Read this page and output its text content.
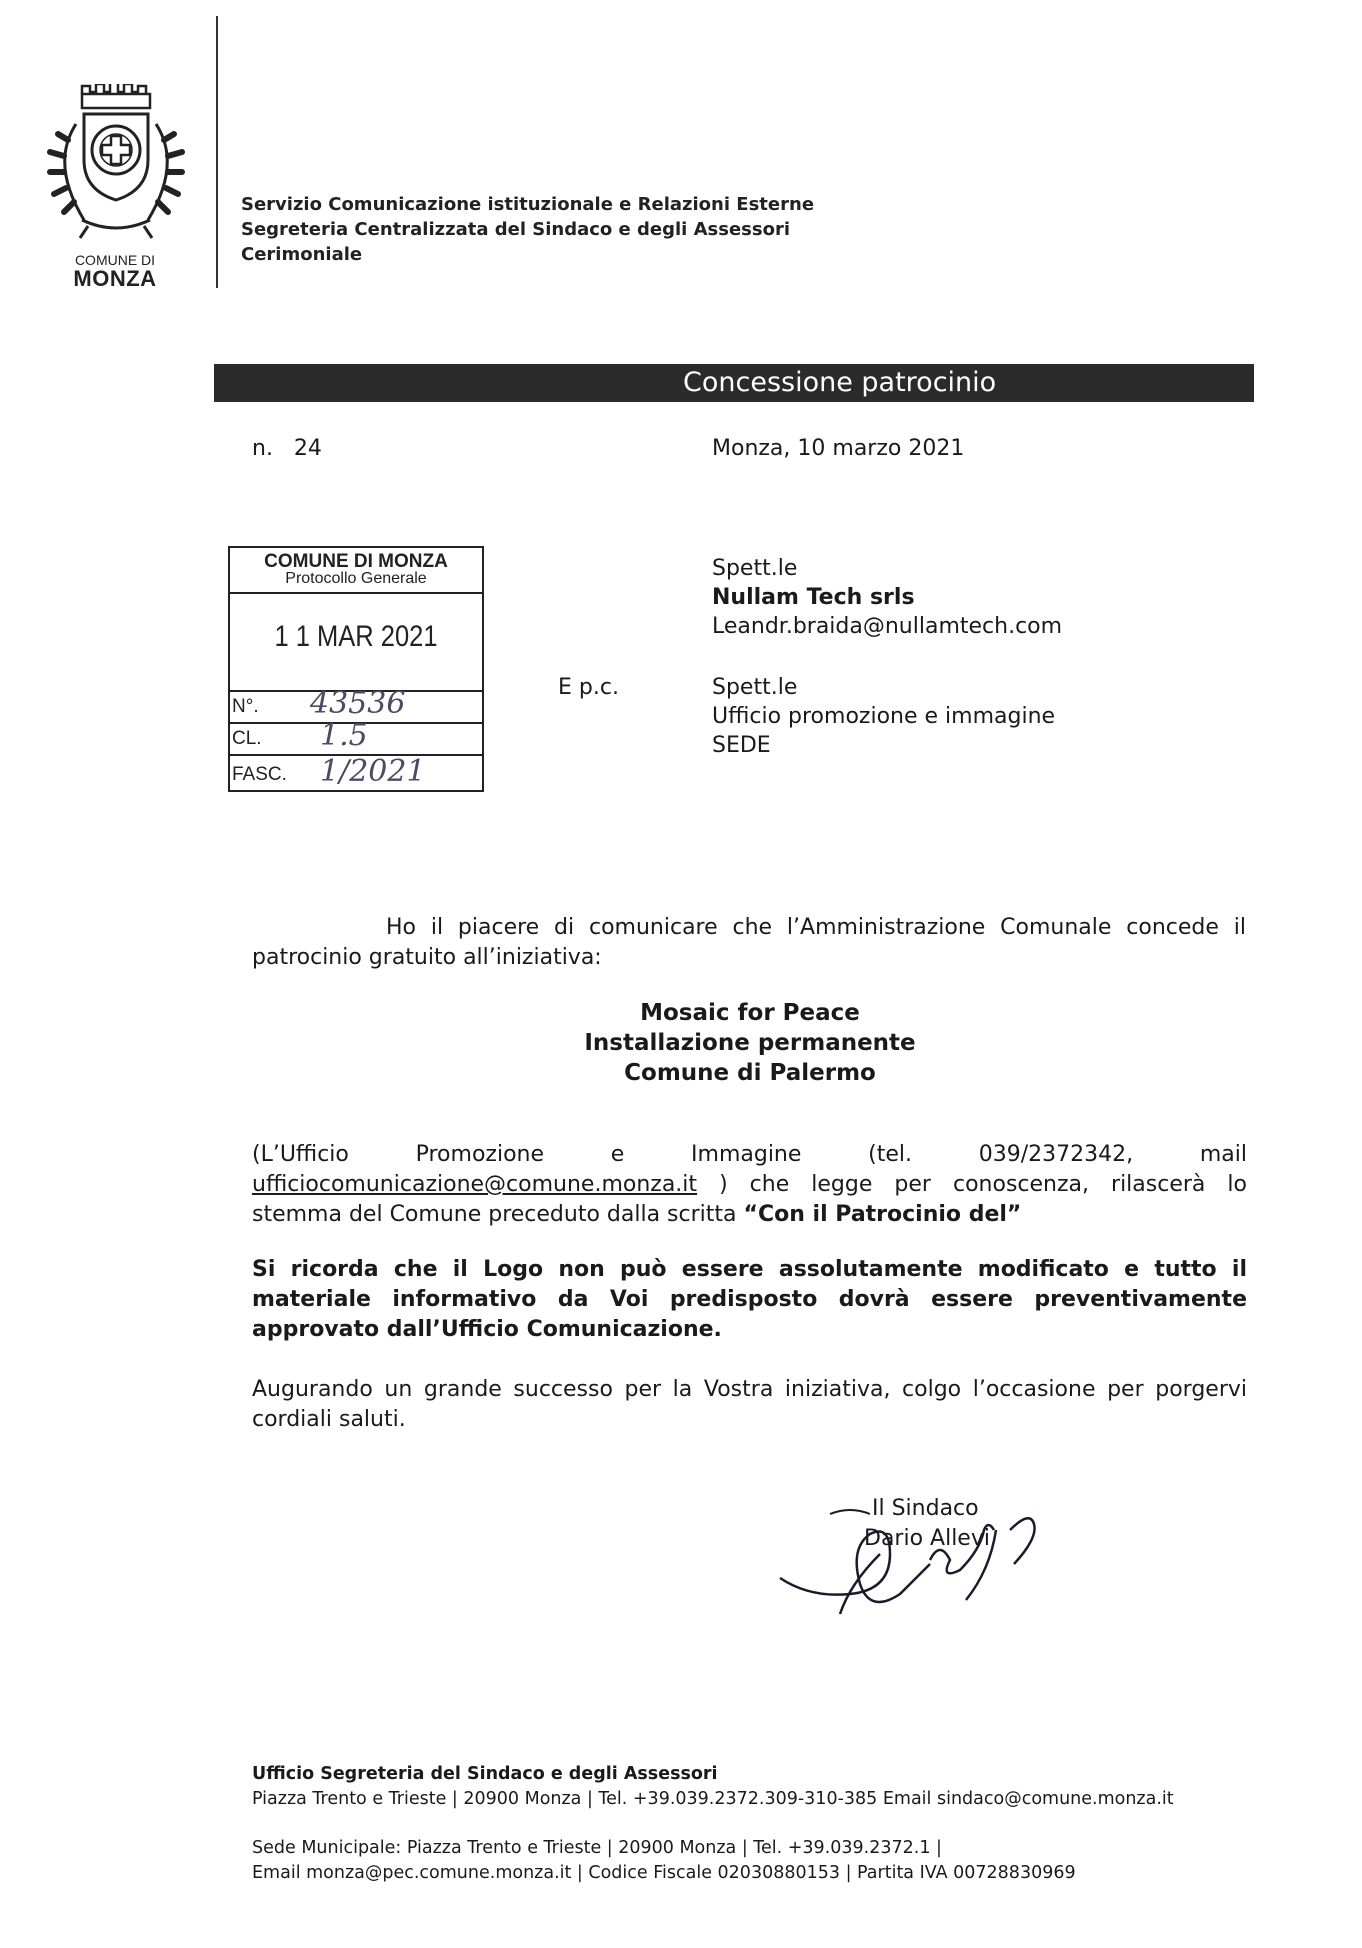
COMUNE DI
MONZA
Servizio Comunicazione istituzionale e Relazioni Esterne
Segreteria Centralizzata del Sindaco e degli Assessori
Cerimoniale
Concessione patrocinio
n.   24	Monza, 10 marzo 2021
COMUNE DI MONZA
Protocollo Generale
1 1 MAR 2021
N°. 43536
CL. 1.5
FASC. 1/2021
Spett.le
Nullam Tech srls
Leandr.braida@nullamtech.com
E p.c.	Spett.le
Ufficio promozione e immagine
SEDE
Ho il piacere di comunicare che l’Amministrazione Comunale concede il
patrocinio gratuito all’iniziativa:
Mosaic for Peace
Installazione permanente
Comune di Palermo
(L’Ufficio Promozione e Immagine (tel. 039/2372342, mail
ufficiocomunicazione@comune.monza.it ) che legge per conoscenza, rilascerà lo
stemma del Comune preceduto dalla scritta “Con il Patrocinio del”
Si ricorda che il Logo non può essere assolutamente modificato e tutto il materiale informativo da Voi predisposto dovrà essere preventivamente approvato dall’Ufficio Comunicazione.
Augurando un grande successo per la Vostra iniziativa, colgo l’occasione per porgervi cordiali saluti.
Il Sindaco
Dario Allevi
Ufficio Segreteria del Sindaco e degli Assessori
Piazza Trento e Trieste | 20900 Monza | Tel. +39.039.2372.309-310-385 Email sindaco@comune.monza.it
Sede Municipale: Piazza Trento e Trieste | 20900 Monza | Tel. +39.039.2372.1 |
Email monza@pec.comune.monza.it | Codice Fiscale 02030880153 | Partita IVA 00728830969
